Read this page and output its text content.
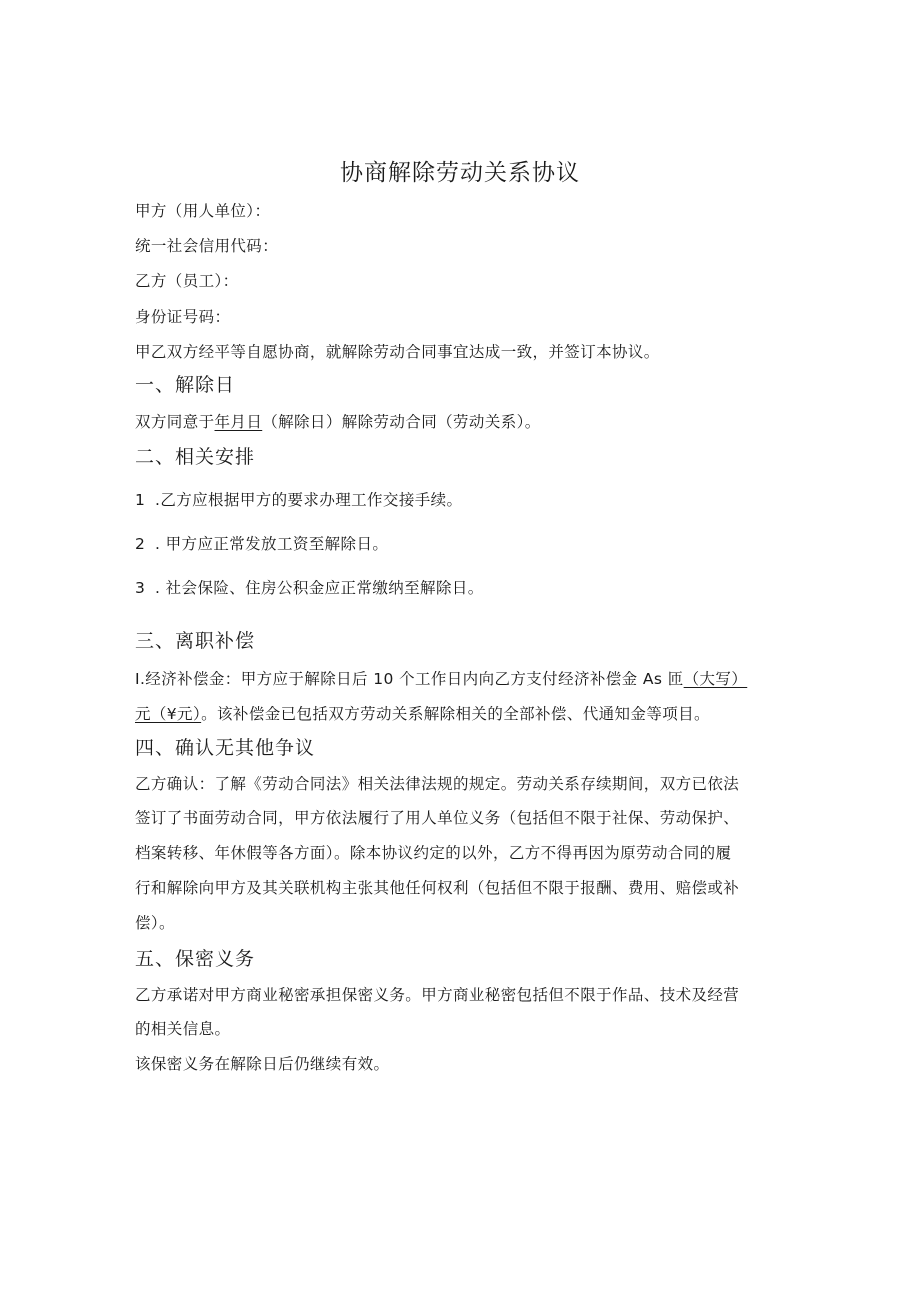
协商解除劳动关系协议
甲方（用人单位）：
统一社会信用代码：
乙方（员工）：
身份证号码：
甲乙双方经平等自愿协商，就解除劳动合同事宜达成一致，并签订本协议。
一、解除日
双方同意于年月日（解除日）解除劳动合同（劳动关系）。
二、相关安排
1 .乙方应根据甲方的要求办理工作交接手续。
2 . 甲方应正常发放工资至解除日。
3 . 社会保险、住房公积金应正常缴纳至解除日。
三、离职补偿
I.经济补偿金：甲方应于解除日后 10 个工作日内向乙方支付经济补偿金 As 匝（大写）
元（¥元）。该补偿金已包括双方劳动关系解除相关的全部补偿、代通知金等项目。
四、确认无其他争议
乙方确认：了解《劳动合同法》相关法律法规的规定。劳动关系存续期间，双方已依法
签订了书面劳动合同，甲方依法履行了用人单位义务（包括但不限于社保、劳动保护、
档案转移、年休假等各方面）。除本协议约定的以外，乙方不得再因为原劳动合同的履
行和解除向甲方及其关联机构主张其他任何权利（包括但不限于报酬、费用、赔偿或补
偿）。
五、保密义务
乙方承诺对甲方商业秘密承担保密义务。甲方商业秘密包括但不限于作品、技术及经营
的相关信息。
该保密义务在解除日后仍继续有效。
